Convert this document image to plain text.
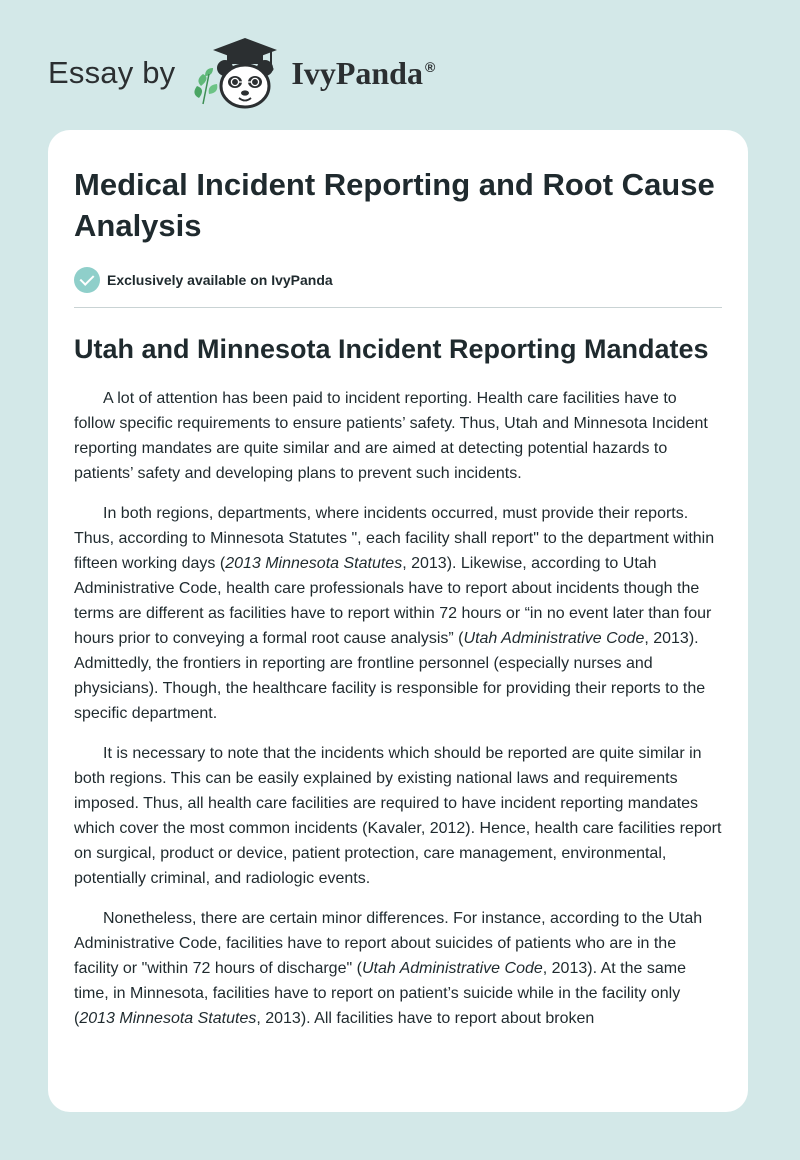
Essay by	IvyPanda ®
Medical Incident Reporting and Root Cause Analysis
Exclusively available on IvyPanda
Utah and Minnesota Incident Reporting Mandates

A lot of attention has been paid to incident reporting. Health care facilities have to follow specific requirements to ensure patients’ safety. Thus, Utah and Minnesota Incident reporting mandates are quite similar and are aimed at detecting potential hazards to patients’ safety and developing plans to prevent such incidents.

In both regions, departments, where incidents occurred, must provide their reports. Thus, according to Minnesota Statutes ", each facility shall report" to the department within fifteen working days (2013 Minnesota Statutes, 2013). Likewise, according to Utah Administrative Code, health care professionals have to report about incidents though the terms are different as facilities have to report within 72 hours or “in no event later than four hours prior to conveying a formal root cause analysis” (Utah Administrative Code, 2013). Admittedly, the frontiers in reporting are frontline personnel (especially nurses and physicians). Though, the healthcare facility is responsible for providing their reports to the specific department.

It is necessary to note that the incidents which should be reported are quite similar in both regions. This can be easily explained by existing national laws and requirements imposed. Thus, all health care facilities are required to have incident reporting mandates which cover the most common incidents (Kavaler, 2012). Hence, health care facilities report on surgical, product or device, patient protection, care management, environmental, potentially criminal, and radiologic events.

Nonetheless, there are certain minor differences. For instance, according to the Utah Administrative Code, facilities have to report about suicides of patients who are in the facility or "within 72 hours of discharge" (Utah Administrative Code, 2013). At the same time, in Minnesota, facilities have to report on patient’s suicide while in the facility only (2013 Minnesota Statutes, 2013). All facilities have to report about broken
